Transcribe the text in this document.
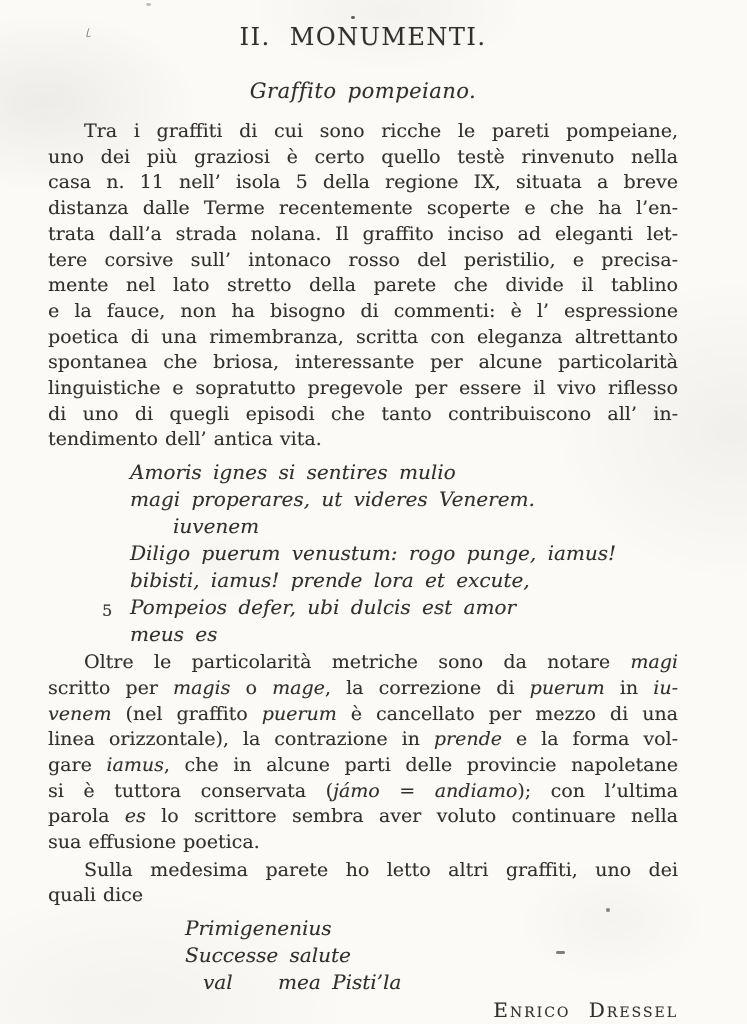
II. MONUMENTI.
Graffito pompeiano.
Tra i graffiti di cui sono ricche le pareti pompeiane,
uno dei più graziosi è certo quello testè rinvenuto nella
casa n. 11 nell’ isola 5 della regione IX, situata a breve
distanza dalle Terme recentemente scoperte e che ha l’en-
trata dall’a strada nolana. Il graffito inciso ad eleganti let-
tere corsive sull’ intonaco rosso del peristilio, e precisa-
mente nel lato stretto della parete che divide il tablino
e la fauce, non ha bisogno di commenti: è l’ espressione
poetica di una rimembranza, scritta con eleganza altrettanto
spontanea che briosa, interessante per alcune particolarità
linguistiche e sopratutto pregevole per essere il vivo riflesso
di uno di quegli episodi che tanto contribuiscono all’ in-
tendimento dell’ antica vita.
Amoris ignes si sentires mulio
magi properares, ut videres Venerem.
iuvenem
Diligo puerum venustum: rogo punge, iamus!
bibisti, iamus! prende lora et excute,
5 Pompeios defer, ubi dulcis est amor
meus es
Oltre le particolarità metriche sono da notare magi
scritto per magis o mage, la correzione di puerum in iu-
venem (nel graffito puerum è cancellato per mezzo di una
linea orizzontale), la contrazione in prende e la forma vol-
gare iamus, che in alcune parti delle provincie napoletane
si è tuttora conservata (jámo = andiamo); con l’ultima
parola es lo scrittore sembra aver voluto continuare nella
sua effusione poetica.
Sulla medesima parete ho letto altri graffiti, uno dei
quali dice
Primigenenius
Successe salute
val    mea Pisti’la
Enrico Dressel
